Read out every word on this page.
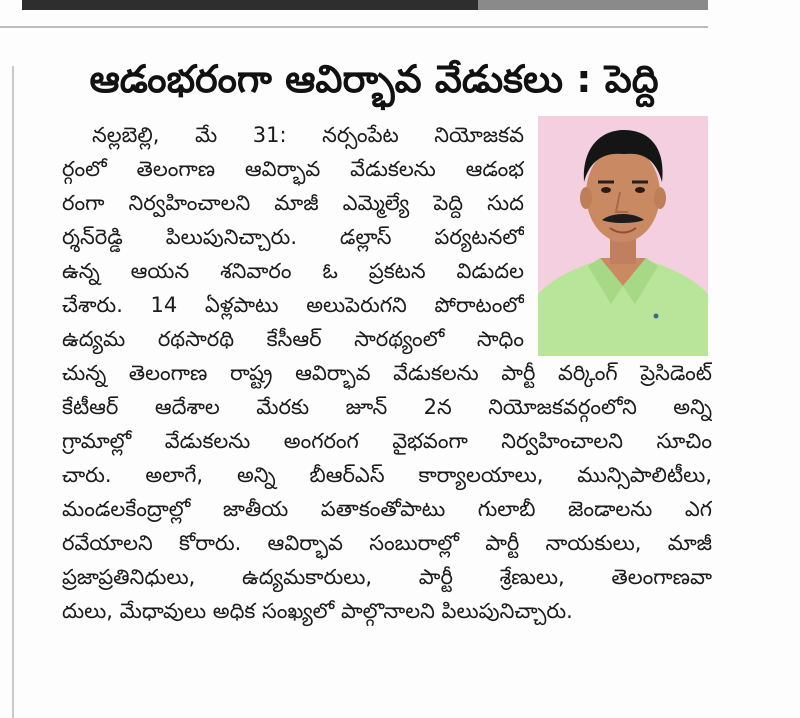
ఆడంభరంగా ఆవిర్భావ వేడుకలు : పెద్ది
నల్లబెల్లి, మే 31: నర్సంపేట నియోజకవ
ర్గంలో తెలంగాణ ఆవిర్భావ వేడుకలను ఆడంభ
రంగా నిర్వహించాలని మాజీ ఎమ్మెల్యే పెద్ది సుద
ర్శన్‌రెడ్డి పిలుపునిచ్చారు. డల్లాస్ పర్యటనలో
ఉన్న ఆయన శనివారం ఓ ప్రకటన విడుదల
చేశారు. 14 ఏళ్లపాటు అలుపెరుగని పోరాటంలో
ఉద్యమ రథసారథి కేసీఆర్ సారథ్యంలో సాధిం
చున్న తెలంగాణ రాష్ట్ర ఆవిర్భావ వేడుకలను పార్టీ వర్కింగ్ ప్రెసిడెంట్
కేటీఆర్ ఆదేశాల మేరకు జూన్ 2న నియోజకవర్గంలోని అన్ని
గ్రామాల్లో వేడుకలను అంగరంగ వైభవంగా నిర్వహించాలని సూచిం
చారు. అలాగే, అన్ని బీఆర్ఎస్ కార్యాలయాలు, మున్సిపాలిటీలు,
మండలకేంద్రాల్లో జాతీయ పతాకంతోపాటు గులాబీ జెండాలను ఎగ
రవేయాలని కోరారు. ఆవిర్భావ సంబురాల్లో పార్టీ నాయకులు, మాజీ
ప్రజాప్రతినిధులు, ఉద్యమకారులు, పార్టీ శ్రేణులు, తెలంగాణవా
దులు, మేధావులు అధిక సంఖ్యలో పాల్గొనాలని పిలుపునిచ్చారు.
